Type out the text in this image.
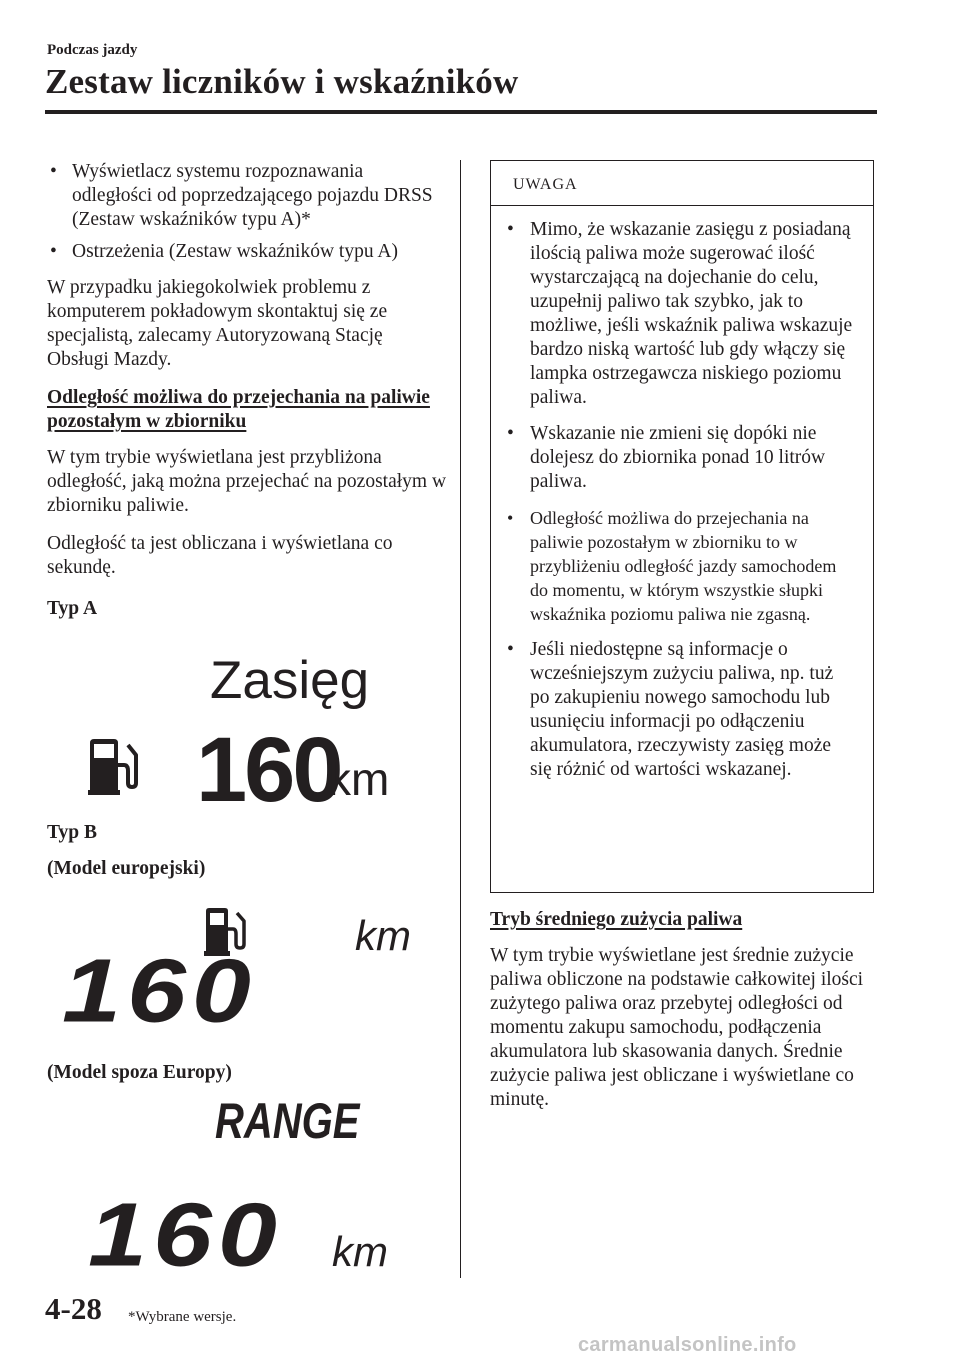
Podczas jazdy
Zestaw liczników i wskaźników
• Wyświetlacz systemu rozpoznawania odległości od poprzedzającego pojazdu DRSS (Zestaw wskaźników typu A)*
• Ostrzeżenia (Zestaw wskaźników typu A)

W przypadku jakiegokolwiek problemu z komputerem pokładowym skontaktuj się ze specjalistą, zalecamy Autoryzowaną Stację Obsługi Mazdy.

Odległość możliwa do przejechania na paliwie pozostałym w zbiorniku

W tym trybie wyświetlana jest przybliżona odległość, jaką można przejechać na pozostałym w zbiorniku paliwie.

Odległość ta jest obliczana i wyświetlana co sekundę.

Typ A
Zasięg
160
km
Typ B
(Model europejski)
km
160
(Model spoza Europy)
RANGE
160 km
UWAGA
• Mimo, że wskazanie zasięgu z posiadaną ilością paliwa może sugerować ilość wystarczającą na dojechanie do celu, uzupełnij paliwo tak szybko, jak to możliwe, jeśli wskaźnik paliwa wskazuje bardzo niską wartość lub gdy włączy się lampka ostrzegawcza niskiego poziomu paliwa.
• Wskazanie nie zmieni się dopóki nie dolejesz do zbiornika ponad 10 litrów paliwa.
• Odległość możliwa do przejechania na paliwie pozostałym w zbiorniku to w przybliżeniu odległość jazdy samochodem do momentu, w którym wszystkie słupki wskaźnika poziomu paliwa nie zgasną.
• Jeśli niedostępne są informacje o wcześniejszym zużyciu paliwa, np. tuż po zakupieniu nowego samochodu lub usunięciu informacji po odłączeniu akumulatora, rzeczywisty zasięg może się różnić od wartości wskazanej.

Tryb średniego zużycia paliwa

W tym trybie wyświetlane jest średnie zużycie paliwa obliczone na podstawie całkowitej ilości zużytego paliwa oraz przebytej odległości od momentu zakupu samochodu, podłączenia akumulatora lub skasowania danych. Średnie zużycie paliwa jest obliczane i wyświetlane co minutę.

4-28 *Wybrane wersje.
carmanualsonline.info
